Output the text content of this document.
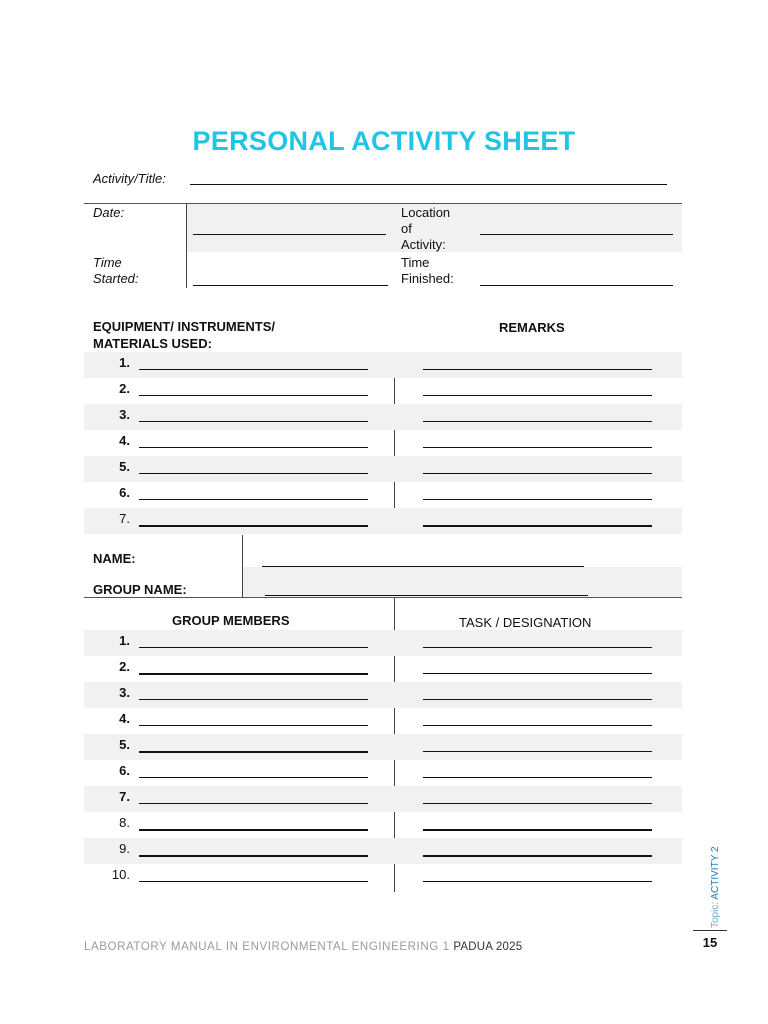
PERSONAL ACTIVITY SHEET
Activity/Title:
Date:	Location
of
Activity:
Time
Started:
Time
Finished:
EQUIPMENT/ INSTRUMENTS/
MATERIALS USED:
REMARKS
1.
2.
3.
4.
5.
6.
7.
NAME:
GROUP NAME:
GROUP MEMBERS	TASK / DESIGNATION
1.
2.
3.
4.
5.
6.
7.
8.
9.
10.
LABORATORY MANUAL IN ENVIRONMENTAL ENGINEERING 1 PADUA 2025
Topic: ACTIVITY 2
15
